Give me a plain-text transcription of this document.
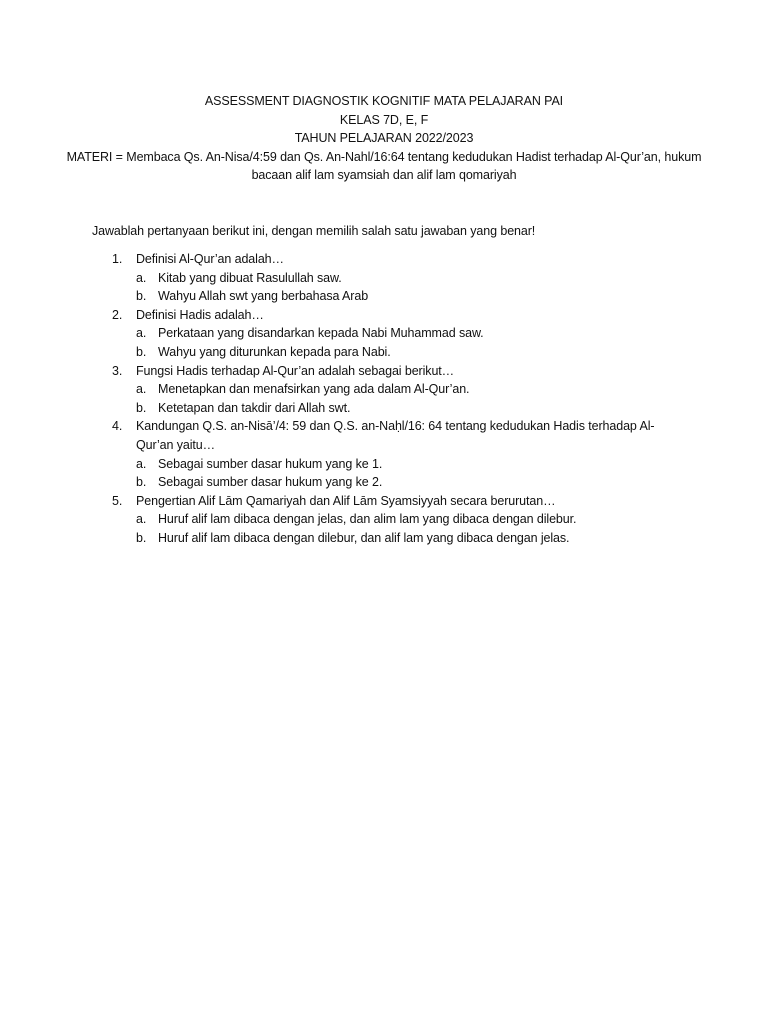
ASSESSMENT DIAGNOSTIK KOGNITIF MATA PELAJARAN PAI
KELAS 7D, E, F
TAHUN PELAJARAN 2022/2023
MATERI = Membaca Qs. An-Nisa/4:59 dan Qs. An-Nahl/16:64 tentang kedudukan Hadist terhadap Al-Qur’an, hukum bacaan alif lam syamsiah dan alif lam qomariyah
Jawablah pertanyaan berikut ini, dengan memilih salah satu jawaban yang benar!
1.	Definisi Al-Qur’an adalah…
a. Kitab yang dibuat Rasulullah saw.
b. Wahyu Allah swt yang berbahasa Arab
2.	Definisi Hadis adalah…
a. Perkataan yang disandarkan kepada Nabi Muhammad saw.
b. Wahyu yang diturunkan kepada para Nabi.
3.	Fungsi Hadis terhadap Al-Qur’an adalah sebagai berikut…
a. Menetapkan dan menafsirkan yang ada dalam Al-Qur’an.
b. Ketetapan dan takdir dari Allah swt.
4.	Kandungan Q.S. an-Nisā’/4: 59 dan Q.S. an-Naḥl/16: 64 tentang kedudukan Hadis terhadap Al-Qur’an yaitu…
a. Sebagai sumber dasar hukum yang ke 1.
b. Sebagai sumber dasar hukum yang ke 2.
5.	Pengertian Alif Lām Qamariyah dan Alif Lām Syamsiyyah secara berurutan…
a. Huruf alif lam dibaca dengan jelas, dan alim lam yang dibaca dengan dilebur.
b. Huruf alif lam dibaca dengan dilebur, dan alif lam yang dibaca dengan jelas.
